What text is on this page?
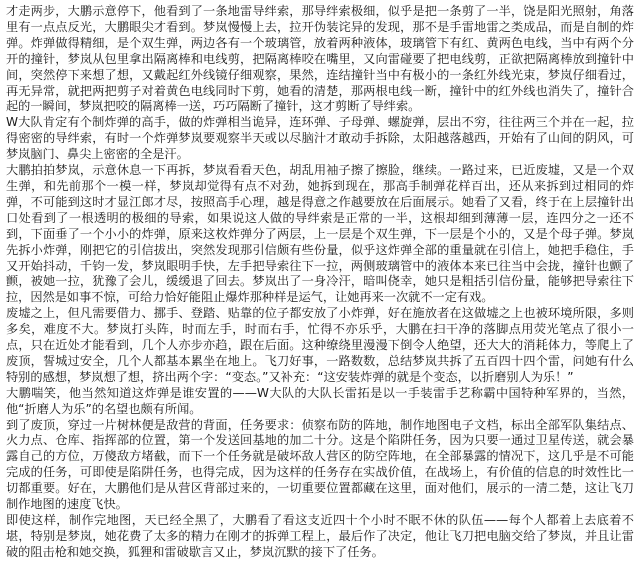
才走两步，大鹏示意停下，他看到了一条地雷导绊索，那导绊索极细，似乎是把一条剪了一半，饶是阳光照射，角落里有一点点反光，大鹏眼尖才看到。梦岚慢慢上去，拉开伪装诧异的发现，那不是手雷地雷之类成品，而是自制的炸弹。炸弹做得精细，是个双生弹，两边各有一个玻璃管，放着两种液体，玻璃管下有红、黄两色电线，当中有两个分开的撞针，梦岚从包里拿出隔离棒和电线剪，把隔离棒咬在嘴里，又向雷碰要了把电线剪，正欲把隔离棒放到撞针中间，突然停下来想了想，又戴起红外线镜仔细观察，果然，连结撞针当中有极小的一条红外线光束，梦岚仔细看过，再无异常，就把两把剪子对着黄色电线同时下剪，她看的清楚，那两根电线一断，撞针中的红外线也消失了，撞针合起的一瞬间，梦岚把咬的隔离棒一送，巧巧隔断了撞针，这才剪断了导绊索。

W大队肯定有个制炸弹的高手，做的炸弹相当诡异，连环弹、子母弹、螺旋弹，层出不穷，往往两三个并在一起，拉得密密的导绊索，有时一个炸弹梦岚要观察半天或以尽脑汁才敢动手拆除，太阳越落越西，开始有了山间的阴风，可梦岚脑门、鼻尖上密密的全是汗。

大鹏拍拍梦岚，示意休息一下再拆，梦岚看看天色，胡乱用袖子擦了擦脸，继续。一路过来，已近废墟，又是一个双生弹，和先前那个一模一样，梦岚却觉得有点不对劲，她拆到现在，那高手制弹花样百出，还从来拆到过相同的炸弹，不可能到这时才显江郎才尽，按照高手心理，越是得意之作越要放在后面展示。她看了又看，终于在上层撞针出口处看到了一根透明的极细的导索，如果说这人做的导绊索是正常的一半，这根却细到薄薄一层，连四分之一还不到，下面垂了一个小小的炸弹，原来这枚炸弹分了两层，上一层是个双生弹，下一层是个小的，又是个母子弹。梦岚先拆小炸弹，刚把它的引信拔出，突然发现那引信颇有些份量，似乎这炸弹全部的重量就在引信上，她把手稳住，手又开始抖动，千钧一发，梦岚眼明手快，左手把导索往下一拉，两侧玻璃管中的液体本来已往当中会拢，撞针也颤了颤，被她一拉，犹豫了会儿，缓缓退了回去。梦岚出了一身冷汗，暗叫侥幸，她只是粗括引信份量，能够把导索往下拉，因然是如事不惊，可给力恰好能阻止爆炸那种样是运气，让她再来一次就不一定有戏。

废墟之上，但凡需要借力、挪手、登踏、贴靠的位子都安放了小炸弹，好在施放者在这做墟之上也被环境所限，多则多矣，难度不大。梦岚打头阵，时而左手，时而右手，忙得不亦乐乎，大鹏在扫干净的落脚点用荧光笔点了很小一点，只在近处才能看到，几个人亦步亦趋，跟在后面。这种缭绕里漫漫下倒令人绝望，还大大的消耗体力，等爬上了废顶，誓城过安全，几个人都基本累坐在地上。飞刀好事，一路数数，总结梦岚共拆了五百四十四个雷，问她有什么特别的感想，梦岚想了想，挤出两个字：“变态。”又补充：“这安装炸弹的就是个变态，以折磨别人为乐！”

大鹏喘笑，他当然知道这炸弹是谁安置的——W大队的大队长雷拓是以一手装雷手艺称霸中国特种军界的，当然，他“折磨人为乐”的名望也颇有所闻。

到了废顶，穿过一片树林便是敌营的背面，任务要求：侦察布防的阵地，制作地图电子文档，标出全部军队集结点、火力点、仓库、指挥部的位置，第一个发送回基地的加二十分。这是个陷阱任务，因为只要一通过卫星传送，就会暴露自己的方位，万傻敌方堵截，而下一个任务就是破坏敌人营区的防空阵地，在全部暴露的情况下，这几乎是不可能完成的任务，可即使是陷阱任务，也得完成，因为这样的任务存在实战价值，在战场上，有价值的信息的时效性比一切都重要。好在，大鹏他们是从营区背部过来的，一切重要位置都藏在这里，面对他们，展示的一清二楚，这让飞刀制作地图的速度飞快。

即使这样，制作完地图，天已经全黑了，大鹏看了看这支近四十个小时不眠不休的队伍——每个人都着上去底着不堪，特别是梦岚，她花费了太多的精力在刚才的拆弹工程上，最后作了决定，他让飞刀把电脑交给了梦岚，并且让雷破的阻击枪和她交换，狐狸和雷破歇言又止，梦岚沉默的接下了任务。
